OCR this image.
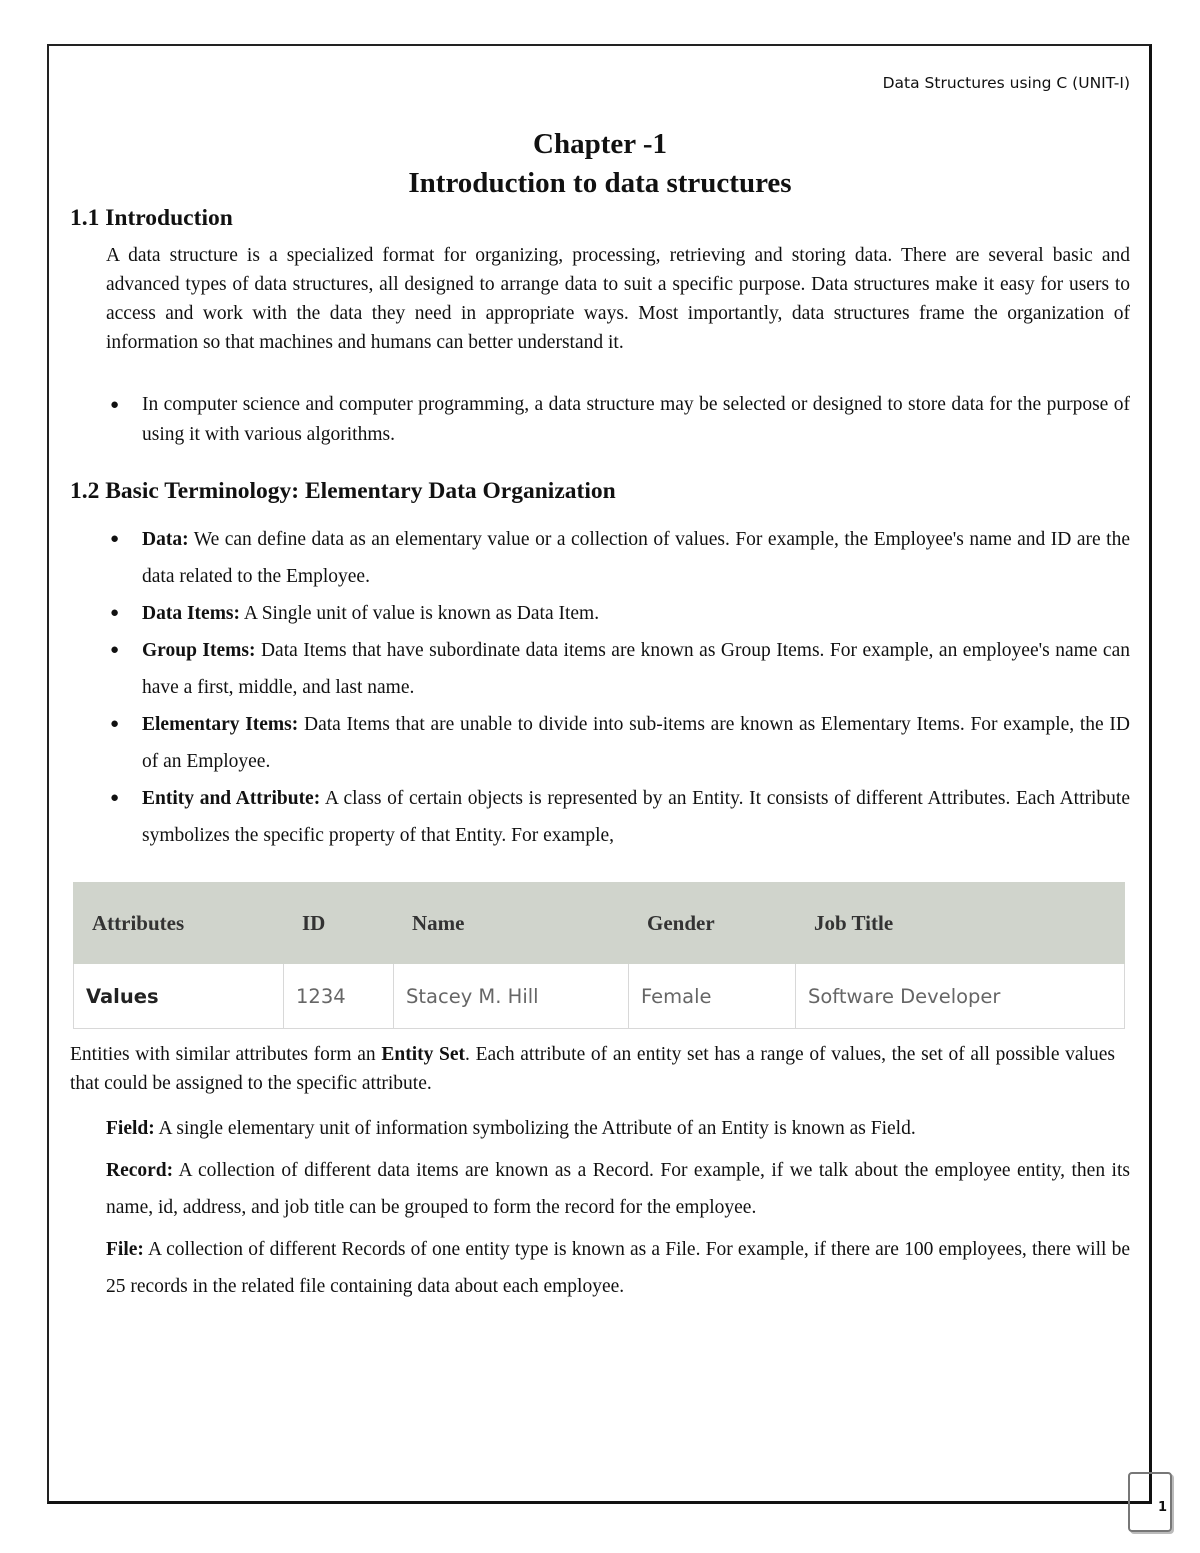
Data Structures using C (UNIT-I)
Chapter -1
Introduction to data structures
1.1 Introduction

A data structure is a specialized format for organizing, processing, retrieving and storing data. There are several basic and advanced types of data structures, all designed to arrange data to suit a specific purpose. Data structures make it easy for users to access and work with the data they need in appropriate ways. Most importantly, data structures frame the organization of information so that machines and humans can better understand it.

● In computer science and computer programming, a data structure may be selected or designed to store data for the purpose of using it with various algorithms.
1.2 Basic Terminology: Elementary Data Organization
● Data: We can define data as an elementary value or a collection of values. For example, the Employee's name and ID are the data related to the Employee.
● Data Items: A Single unit of value is known as Data Item.
● Group Items: Data Items that have subordinate data items are known as Group Items. For example, an employee's name can have a first, middle, and last name.
● Elementary Items: Data Items that are unable to divide into sub-items are known as Elementary Items. For example, the ID of an Employee.
● Entity and Attribute: A class of certain objects is represented by an Entity. It consists of different Attributes. Each Attribute symbolizes the specific property of that Entity. For example,
Attributes	ID	Name	Gender	Job Title
Values	1234	Stacey M. Hill	Female	Software Developer

Entities with similar attributes form an Entity Set. Each attribute of an entity set has a range of values, the set of all possible values that could be assigned to the specific attribute.

Field: A single elementary unit of information symbolizing the Attribute of an Entity is known as Field.

Record: A collection of different data items are known as a Record. For example, if we talk about the employee entity, then its name, id, address, and job title can be grouped to form the record for the employee.

File: A collection of different Records of one entity type is known as a File. For example, if there are 100 employees, there will be 25 records in the related file containing data about each employee.

1
